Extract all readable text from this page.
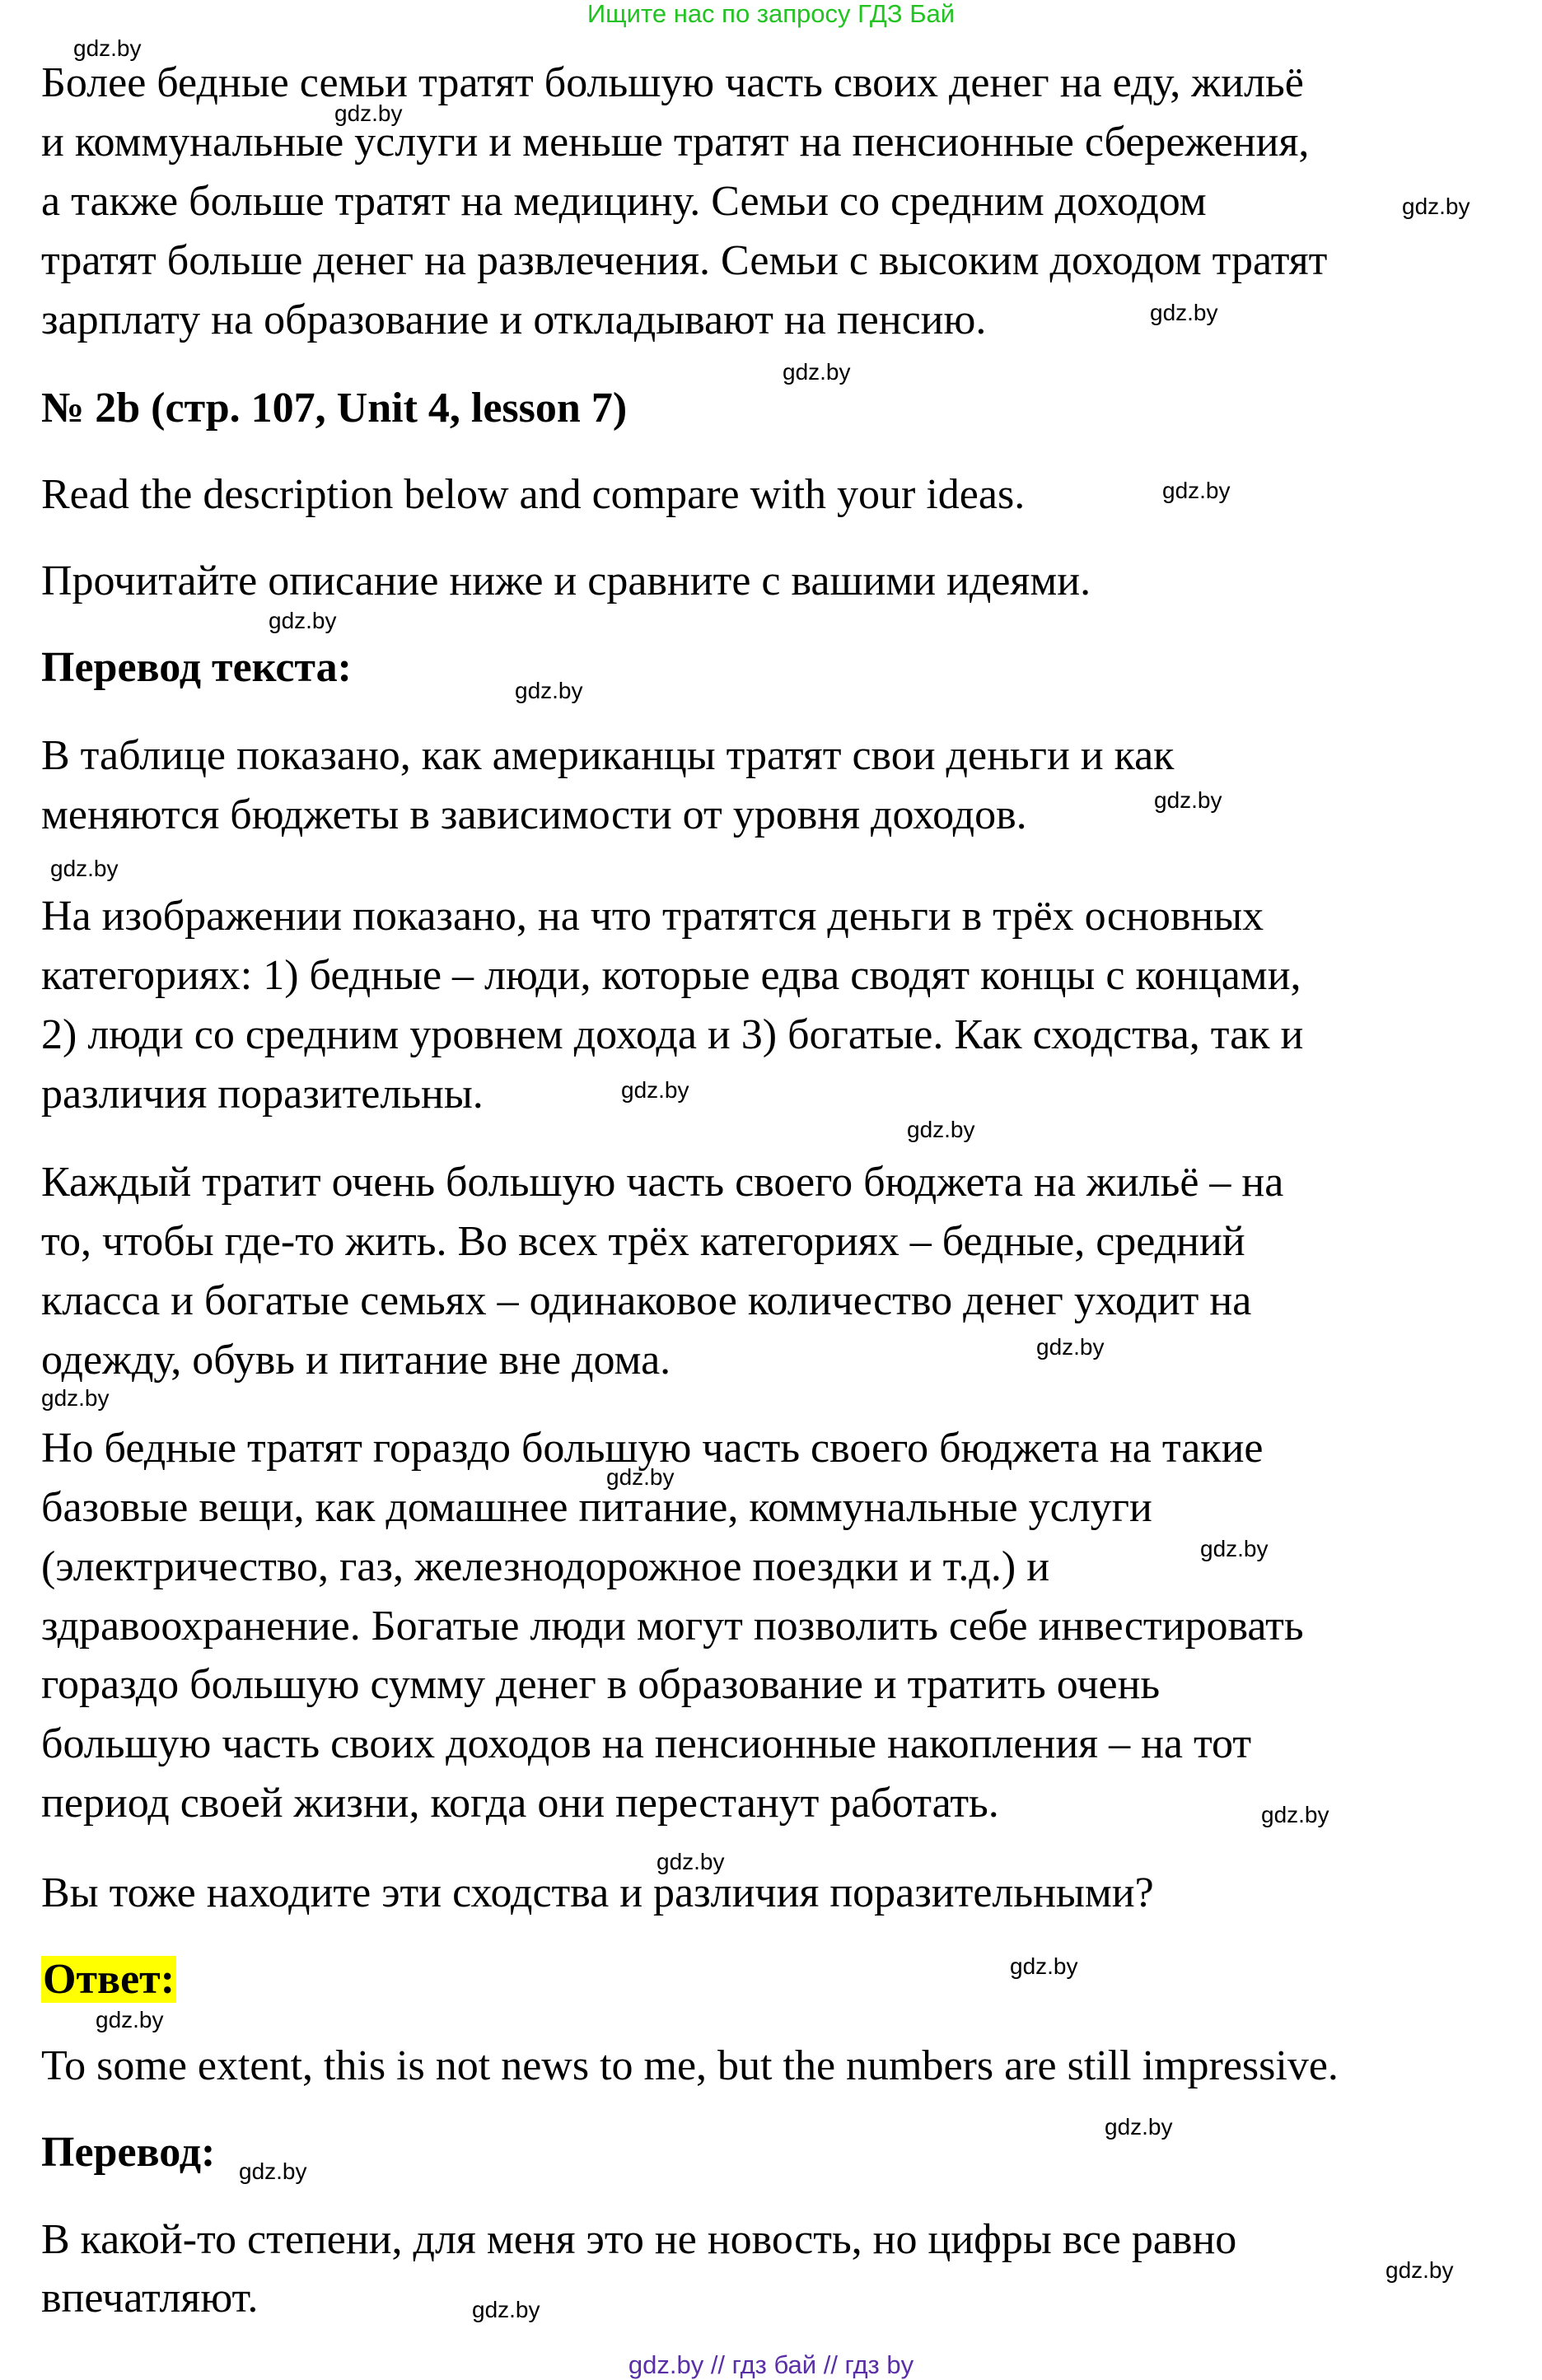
Ищите нас по запросу ГДЗ Бай
Более бедные семьи тратят большую часть своих денег на еду, жильё
и коммунальные услуги и меньше тратят на пенсионные сбережения,
а также больше тратят на медицину. Семьи со средним доходом
тратят больше денег на развлечения. Семьи с высоким доходом тратят
зарплату на образование и откладывают на пенсию.
№ 2b (стр. 107, Unit 4, lesson 7)
Read the description below and compare with your ideas.
Прочитайте описание ниже и сравните с вашими идеями.
Перевод текста:
В таблице показано, как американцы тратят свои деньги и как
меняются бюджеты в зависимости от уровня доходов.
На изображении показано, на что тратятся деньги в трёх основных
категориях: 1) бедные – люди, которые едва сводят концы с концами,
2) люди со средним уровнем дохода и 3) богатые. Как сходства, так и
различия поразительны.
Каждый тратит очень большую часть своего бюджета на жильё – на
то, чтобы где-то жить. Во всех трёх категориях – бедные, средний
класса и богатые семьях – одинаковое количество денег уходит на
одежду, обувь и питание вне дома.
Но бедные тратят гораздо большую часть своего бюджета на такие
базовые вещи, как домашнее питание, коммунальные услуги
(электричество, газ, железнодорожное поездки и т.д.) и
здравоохранение. Богатые люди могут позволить себе инвестировать
гораздо большую сумму денег в образование и тратить очень
большую часть своих доходов на пенсионные накопления – на тот
период своей жизни, когда они перестанут работать.
Вы тоже находите эти сходства и различия поразительными?
Ответ:
To some extent, this is not news to me, but the numbers are still impressive.
Перевод:
В какой-то степени, для меня это не новость, но цифры все равно
впечатляют.
gdz.by
gdz.by
gdz.by
gdz.by
gdz.by
gdz.by
gdz.by
gdz.by
gdz.by
gdz.by
gdz.by
gdz.by
gdz.by
gdz.by
gdz.by
gdz.by
gdz.by
gdz.by
gdz.by
gdz.by
gdz.by
gdz.by
gdz.by
gdz.by
gdz.by // гдз бай // гдз by
